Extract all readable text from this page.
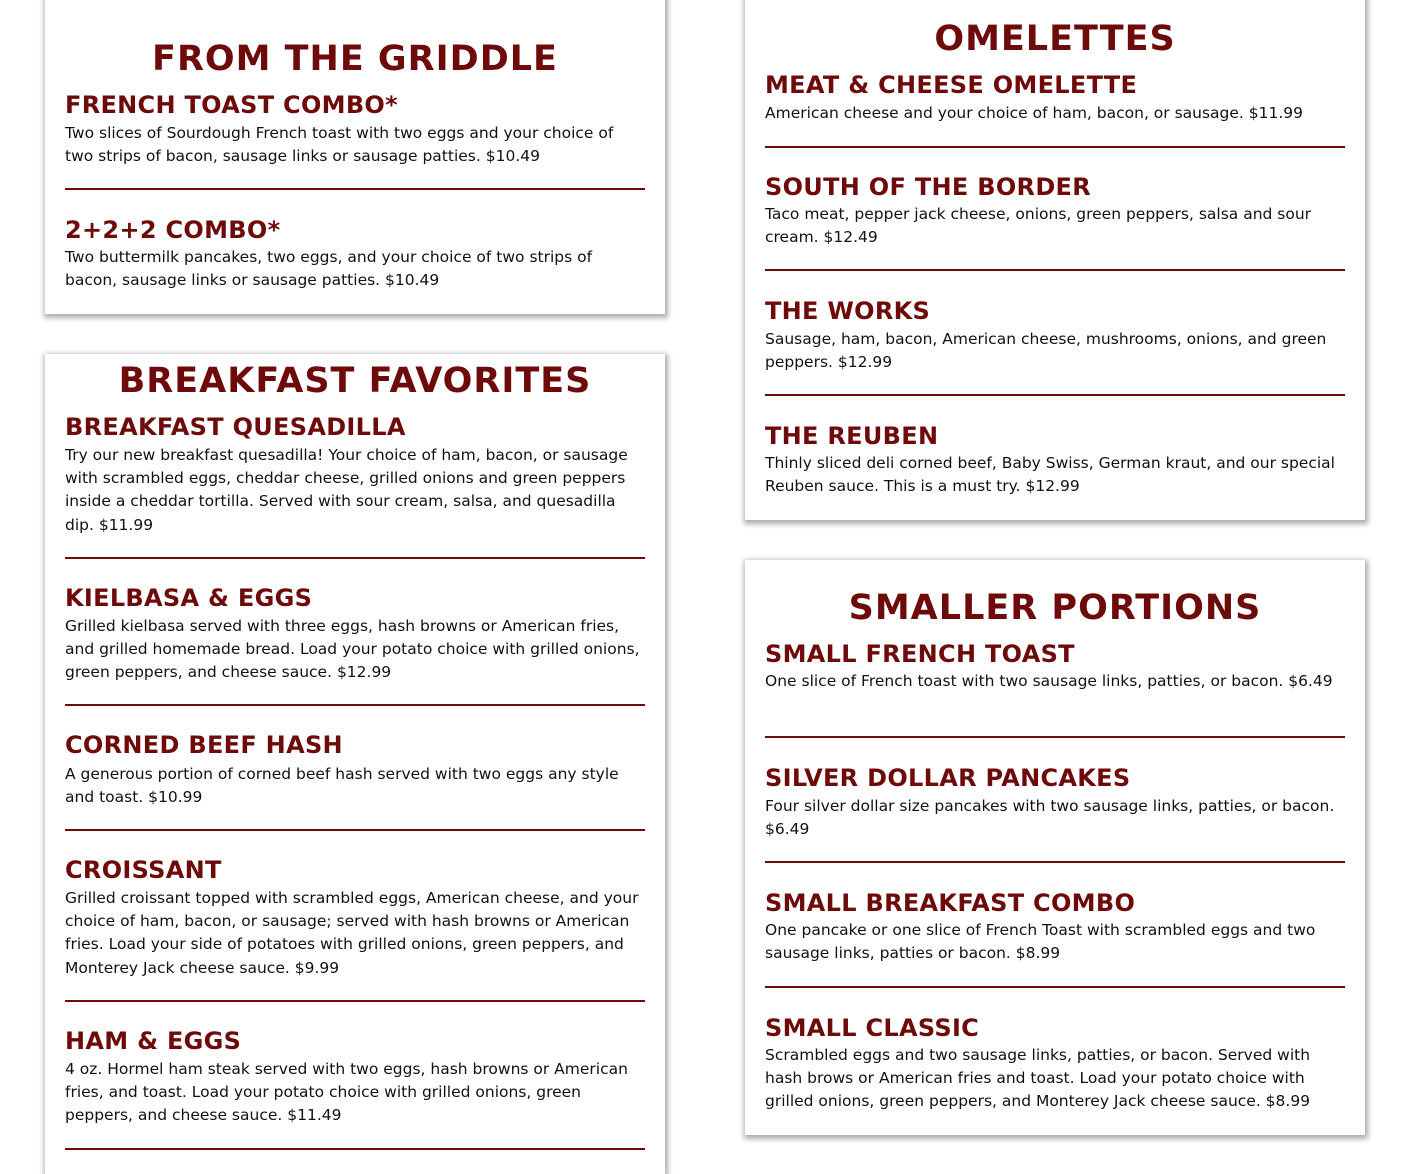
FROM THE GRIDDLE
FRENCH TOAST COMBO*

Two slices of Sourdough French toast with two eggs and your choice of two strips of bacon, sausage links or sausage patties. $10.49

2+2+2 COMBO*

Two buttermilk pancakes, two eggs, and your choice of two strips of bacon, sausage links or sausage patties. $10.49

BREAKFAST FAVORITES
BREAKFAST QUESADILLA

Try our new breakfast quesadilla! Your choice of ham, bacon, or sausage with scrambled eggs, cheddar cheese, grilled onions and green peppers inside a cheddar tortilla. Served with sour cream, salsa, and quesadilla dip. $11.99

KIELBASA & EGGS

Grilled kielbasa served with three eggs, hash browns or American fries, and grilled homemade bread. Load your potato choice with grilled onions, green peppers, and cheese sauce. $12.99

CORNED BEEF HASH

A generous portion of corned beef hash served with two eggs any style and toast. $10.99

CROISSANT

Grilled croissant topped with scrambled eggs, American cheese, and your choice of ham, bacon, or sausage; served with hash browns or American fries. Load your side of potatoes with grilled onions, green peppers, and Monterey Jack cheese sauce. $9.99

HAM & EGGS

4 oz. Hormel ham steak served with two eggs, hash browns or American fries, and toast. Load your potato choice with grilled onions, green peppers, and cheese sauce. $11.49

OMELETTES
MEAT & CHEESE OMELETTE

American cheese and your choice of ham, bacon, or sausage. $11.99

SOUTH OF THE BORDER

Taco meat, pepper jack cheese, onions, green peppers, salsa and sour cream. $12.49

THE WORKS

Sausage, ham, bacon, American cheese, mushrooms, onions, and green peppers. $12.99

THE REUBEN

Thinly sliced deli corned beef, Baby Swiss, German kraut, and our special Reuben sauce. This is a must try. $12.99

SMALLER PORTIONS
SMALL FRENCH TOAST

One slice of French toast with two sausage links, patties, or bacon. $6.49

SILVER DOLLAR PANCAKES

Four silver dollar size pancakes with two sausage links, patties, or bacon. $6.49

SMALL BREAKFAST COMBO

One pancake or one slice of French Toast with scrambled eggs and two sausage links, patties or bacon. $8.99

SMALL CLASSIC

Scrambled eggs and two sausage links, patties, or bacon. Served with hash brows or American fries and toast. Load your potato choice with grilled onions, green peppers, and Monterey Jack cheese sauce. $8.99
